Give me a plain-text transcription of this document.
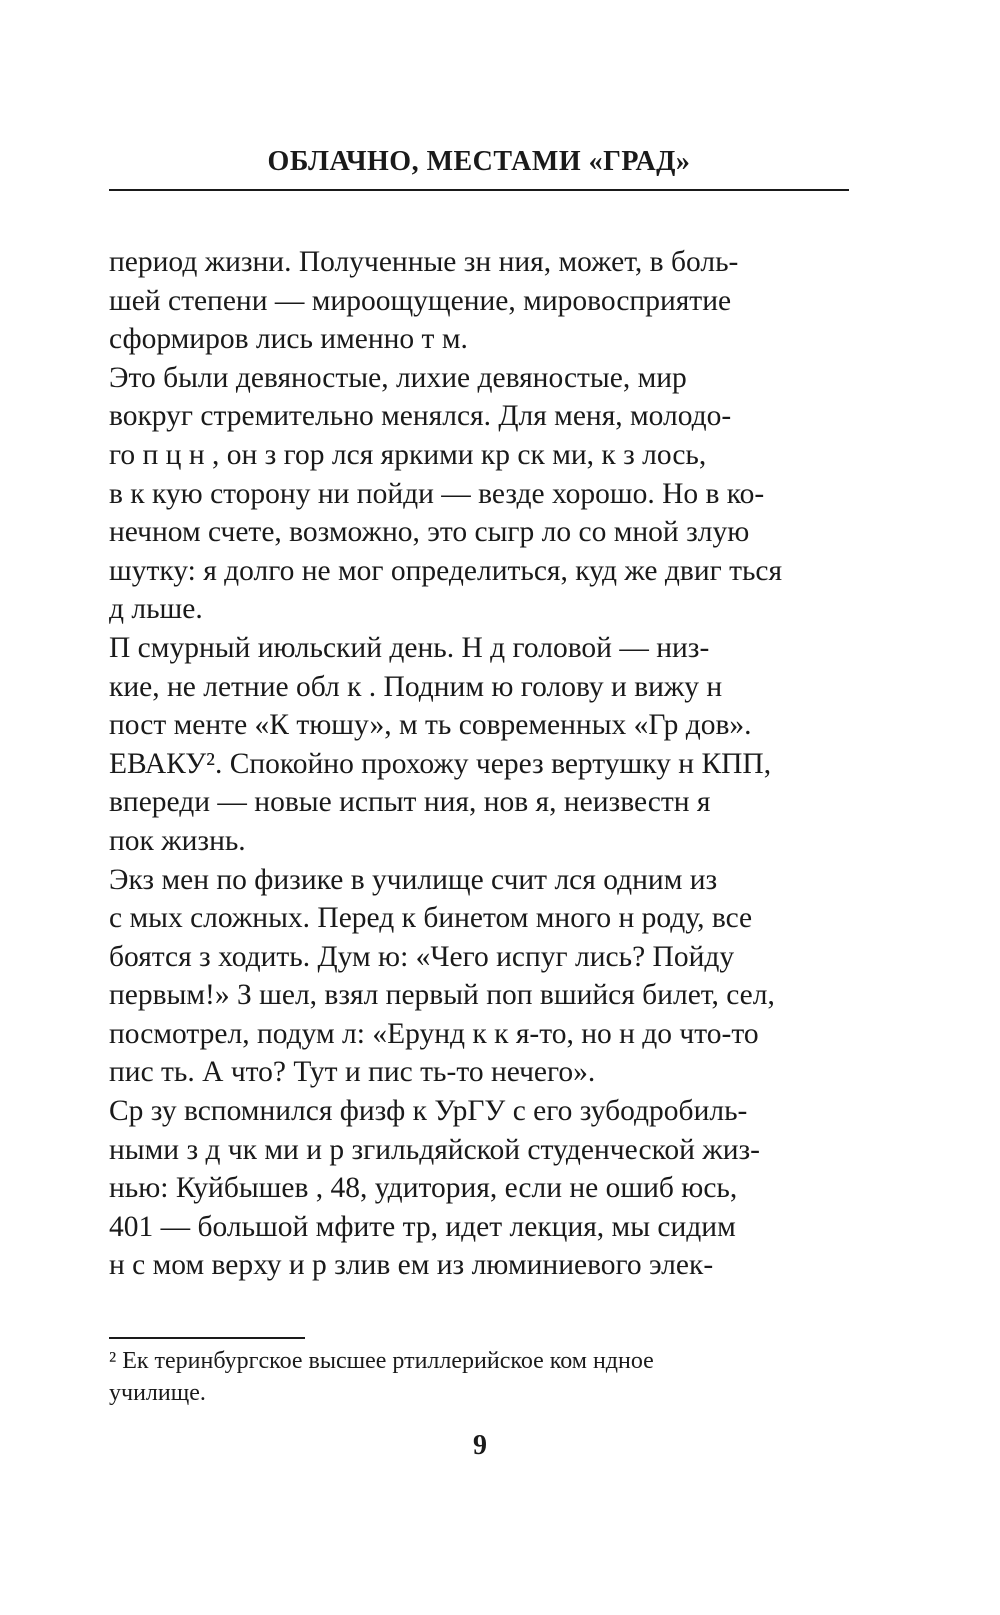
ОБЛАЧНО, МЕСТАМИ «ГРАД»
период жизни. Полученные зн ния, может, в боль-
шей степени — мироощущение, мировосприятие
сформиров лись именно т м.
Это были девяностые, лихие девяностые, мир
вокруг стремительно менялся. Для меня, молодо-
го п ц н , он з гор лся яркими кр ск ми, к з лось,
в к кую сторону ни пойди — везде хорошо. Но в ко-
нечном счете, возможно, это сыгр ло со мной злую
шутку: я долго не мог определиться, куд же двиг ться
д льше.
П смурный июльский день. Н д головой — низ-
кие, не летние обл к . Подним ю голову и вижу н
пост менте «К тюшу», м ть современных «Гр дов».
ЕВАКУ². Спокойно прохожу через вертушку н КПП,
впереди — новые испыт ния, нов я, неизвестн я
пок жизнь.
Экз мен по физике в училище счит лся одним из
с мых сложных. Перед к бинетом много н роду, все
боятся з ходить. Дум ю: «Чего испуг лись? Пойду
первым!» З шел, взял первый поп вшийся билет, сел,
посмотрел, подум л: «Ерунд к к я-то, но н до что-то
пис ть. А что? Тут и пис ть-то нечего».
Ср зу вспомнился физф к УрГУ с его зубодробиль-
ными з д чк ми и р згильдяйской студенческой жиз-
нью: Куйбышев , 48, удитория, если не ошиб юсь,
401 — большой мфите тр, идет лекция, мы сидим
н с мом верху и р злив ем из люминиевого элек-
² Ек теринбургское высшее ртиллерийское ком ндное
училище.
9
